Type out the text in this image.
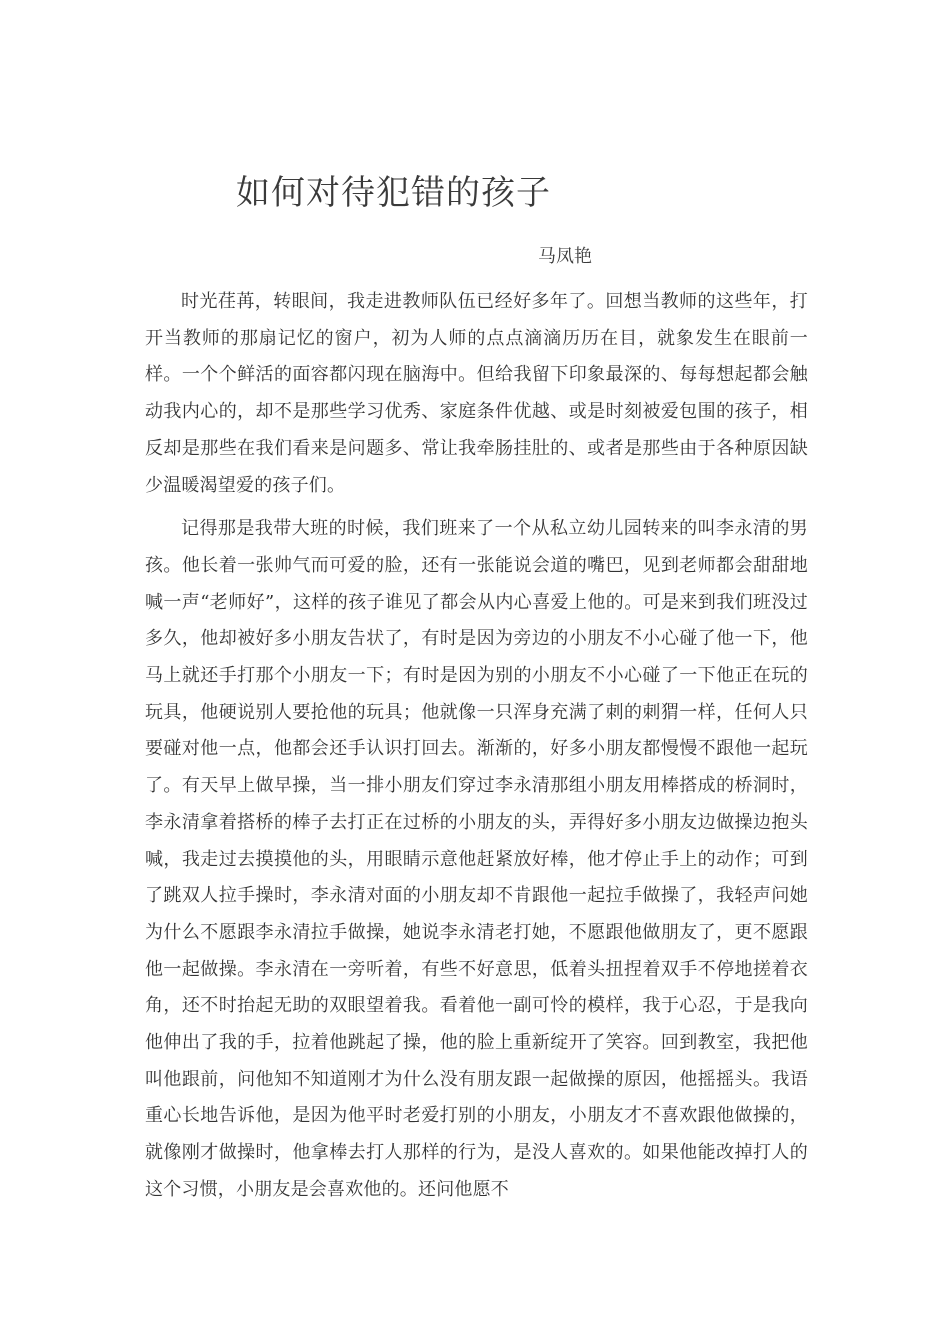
如何对待犯错的孩子
马凤艳

时光荏苒，转眼间，我走进教师队伍已经好多年了。回想当教师的这些年，打开当教师的那扇记忆的窗户，初为人师的点点滴滴历历在目，就象发生在眼前一样。一个个鲜活的面容都闪现在脑海中。但给我留下印象最深的、每每想起都会触动我内心的，却不是那些学习优秀、家庭条件优越、或是时刻被爱包围的孩子，相反却是那些在我们看来是问题多、常让我牵肠挂肚的、或者是那些由于各种原因缺少温暖渴望爱的孩子们。

记得那是我带大班的时候，我们班来了一个从私立幼儿园转来的叫李永清的男孩。他长着一张帅气而可爱的脸，还有一张能说会道的嘴巴，见到老师都会甜甜地喊一声“老师好”，这样的孩子谁见了都会从内心喜爱上他的。可是来到我们班没过多久，他却被好多小朋友告状了，有时是因为旁边的小朋友不小心碰了他一下，他马上就还手打那个小朋友一下；有时是因为别的小朋友不小心碰了一下他正在玩的玩具，他硬说别人要抢他的玩具；他就像一只浑身充满了刺的刺猬一样，任何人只要碰对他一点，他都会还手认识打回去。渐渐的，好多小朋友都慢慢不跟他一起玩了。有天早上做早操，当一排小朋友们穿过李永清那组小朋友用棒搭成的桥洞时，李永清拿着搭桥的棒子去打正在过桥的小朋友的头，弄得好多小朋友边做操边抱头喊，我走过去摸摸他的头，用眼睛示意他赶紧放好棒，他才停止手上的动作；可到了跳双人拉手操时，李永清对面的小朋友却不肯跟他一起拉手做操了，我轻声问她为什么不愿跟李永清拉手做操，她说李永清老打她，不愿跟他做朋友了，更不愿跟他一起做操。李永清在一旁听着，有些不好意思，低着头扭捏着双手不停地搓着衣角，还不时抬起无助的双眼望着我。看着他一副可怜的模样，我于心忍，于是我向他伸出了我的手，拉着他跳起了操，他的脸上重新绽开了笑容。回到教室，我把他叫他跟前，问他知不知道刚才为什么没有朋友跟一起做操的原因，他摇摇头。我语重心长地告诉他，是因为他平时老爱打别的小朋友，小朋友才不喜欢跟他做操的，就像刚才做操时，他拿棒去打人那样的行为，是没人喜欢的。如果他能改掉打人的这个习惯，小朋友是会喜欢他的。还问他愿不
